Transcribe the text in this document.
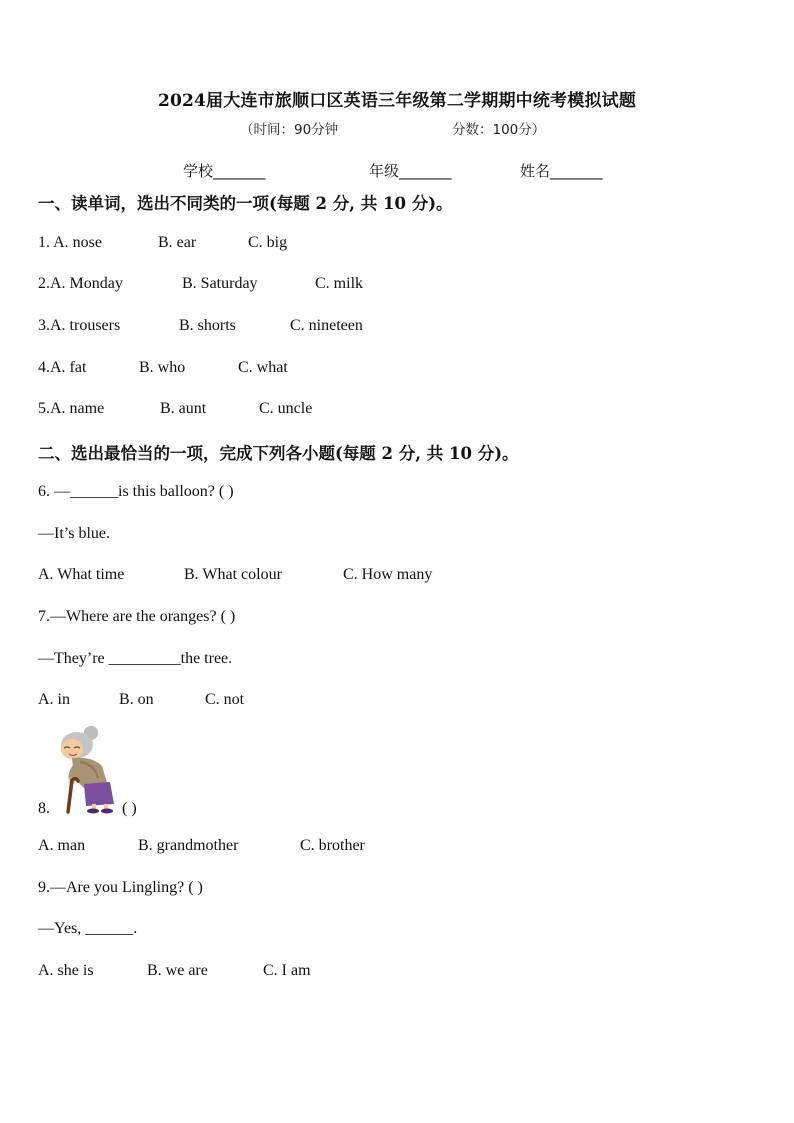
2024届大连市旅顺口区英语三年级第二学期期中统考模拟试题
（时间：90分钟	分数：100分）
学校_______	年级_______	姓名_______
一、读单词，选出不同类的一项(每题 2 分, 共 10 分)。
1. A. nose	B. ear	C. big
2.A. Monday	B. Saturday	C. milk
3.A. trousers	B. shorts	C. nineteen
4.A. fat	B. who	C. what
5.A. name	B. aunt	C. uncle
二、选出最恰当的一项，完成下列各小题(每题 2 分, 共 10 分)。
6. —______is this balloon? ( )
—It’s blue.
A. What time	B. What colour	C. How many
7.—Where are the oranges? ( )
—They’re _________the tree.
A. in	B. on	C. not
8.	( )
A. man	B. grandmother	C. brother
9.—Are you Lingling? ( )
—Yes, ______.
A. she is	B. we are	C. I am
